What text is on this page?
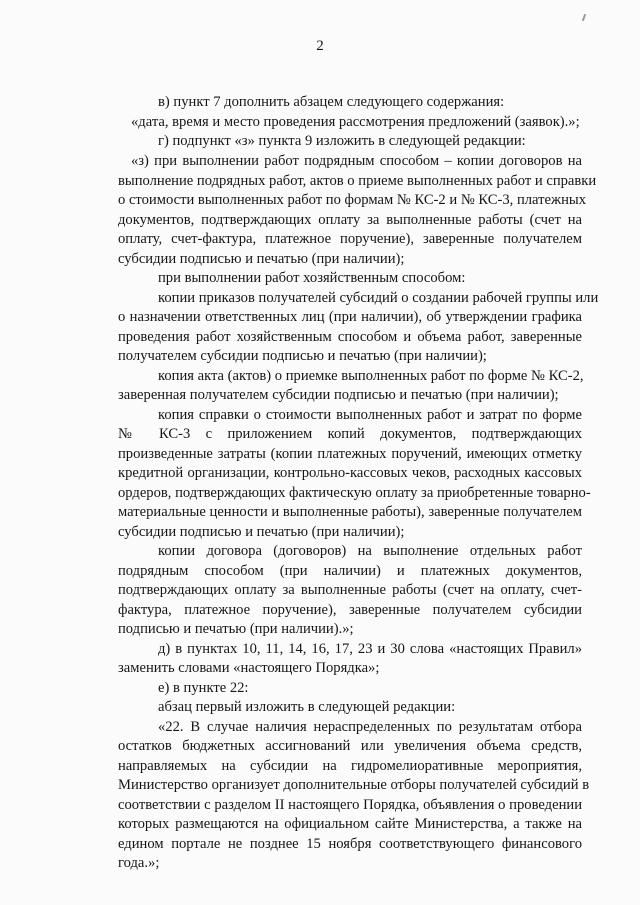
2
в) пункт 7 дополнить абзацем следующего содержания:
«дата, время и место проведения рассмотрения предложений (заявок).»;
г) подпункт «з» пункта 9 изложить в следующей редакции:
«з) при выполнении работ подрядным способом – копии договоров на
выполнение подрядных работ, актов о приеме выполненных работ и справки
о стоимости выполненных работ по формам № КС-2 и № КС-3, платежных
документов, подтверждающих оплату за выполненные работы (счет на
оплату, счет-фактура, платежное поручение), заверенные получателем
субсидии подписью и печатью (при наличии);
при выполнении работ хозяйственным способом:
копии приказов получателей субсидий о создании рабочей группы или
о назначении ответственных лиц (при наличии), об утверждении графика
проведения работ хозяйственным способом и объема работ, заверенные
получателем субсидии подписью и печатью (при наличии);
копия акта (актов) о приемке выполненных работ по форме № КС-2,
заверенная получателем субсидии подписью и печатью (при наличии);
копия справки о стоимости выполненных работ и затрат по форме
№ КС-3 с приложением копий документов, подтверждающих
произведенные затраты (копии платежных поручений, имеющих отметку
кредитной организации, контрольно-кассовых чеков, расходных кассовых
ордеров, подтверждающих фактическую оплату за приобретенные товарно-
материальные ценности и выполненные работы), заверенные получателем
субсидии подписью и печатью (при наличии);
копии договора (договоров) на выполнение отдельных работ
подрядным способом (при наличии) и платежных документов,
подтверждающих оплату за выполненные работы (счет на оплату, счет-
фактура, платежное поручение), заверенные получателем субсидии
подписью и печатью (при наличии).»;
д) в пунктах 10, 11, 14, 16, 17, 23 и 30 слова «настоящих Правил»
заменить словами «настоящего Порядка»;
е) в пункте 22:
абзац первый изложить в следующей редакции:
«22. В случае наличия нераспределенных по результатам отбора
остатков бюджетных ассигнований или увеличения объема средств,
направляемых на субсидии на гидромелиоративные мероприятия,
Министерство организует дополнительные отборы получателей субсидий в
соответствии с разделом II настоящего Порядка, объявления о проведении
которых размещаются на официальном сайте Министерства, а также на
едином портале не позднее 15 ноября соответствующего финансового
года.»;
